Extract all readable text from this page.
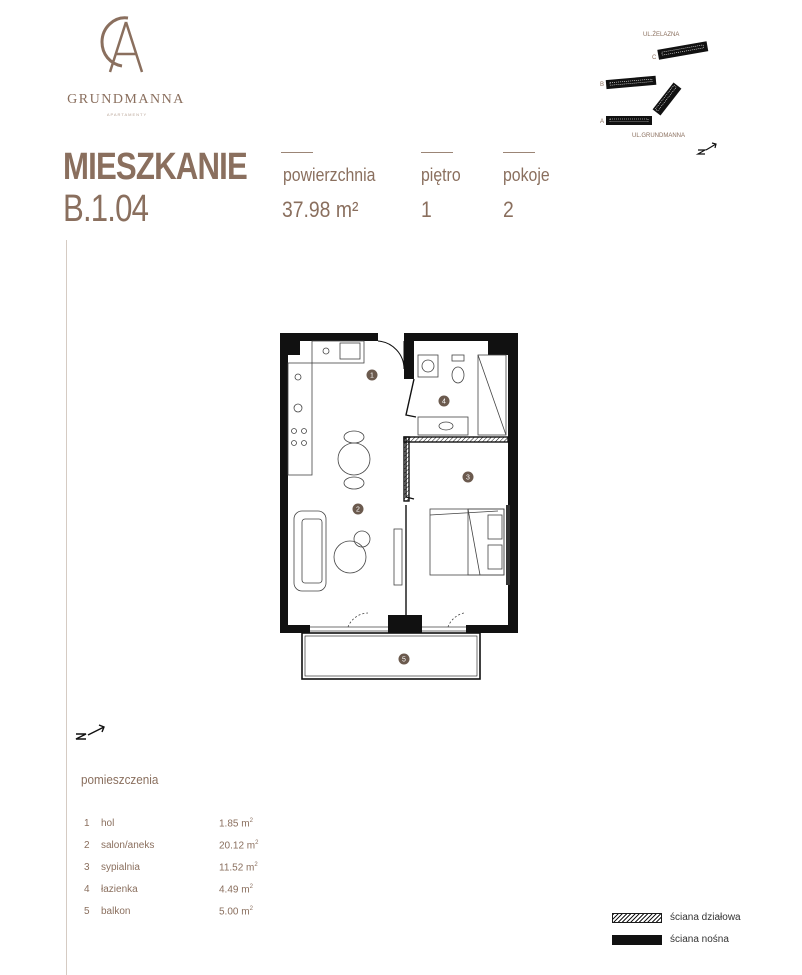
GRUNDMANNA
APARTAMENTY
MIESZKANIE
B.1.04
powierzchnia
37.98 m²
piętro
1
pokoje
2
UL.ŻELAZNA
C
B
A
UL.GRUNDMANNA
1
2
3
4
5
pomieszczenia
1 hol	1.85 $m^2$
2 salon/aneks	20.12 $m^2$
3 sypialnia	11.52 $m^2$
4 łazienka	4.49 $m^2$
5 balkon	5.00 $m^2$
ściana działowa
ściana nośna
